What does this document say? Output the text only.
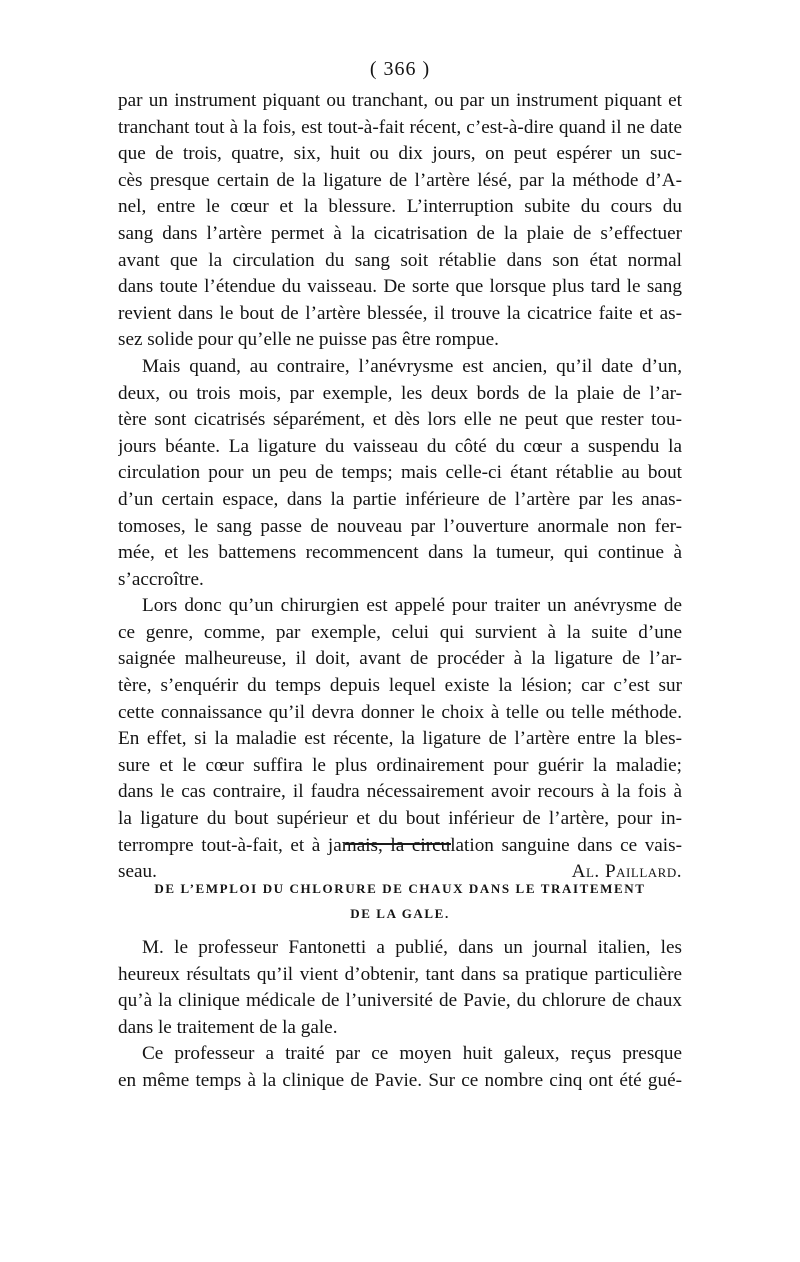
( 366 )
par un instrument piquant ou tranchant, ou par un instrument piquant et
tranchant tout à la fois, est tout-à-fait récent, c’est-à-dire quand il ne date
que de trois, quatre, six, huit ou dix jours, on peut espérer un suc-
cès presque certain de la ligature de l’artère lésé, par la méthode d’A-
nel, entre le cœur et la blessure. L’interruption subite du cours du
sang dans l’artère permet à la cicatrisation de la plaie de s’effectuer
avant que la circulation du sang soit rétablie dans son état normal
dans toute l’étendue du vaisseau. De sorte que lorsque plus tard le sang
revient dans le bout de l’artère blessée, il trouve la cicatrice faite et as-
sez solide pour qu’elle ne puisse pas être rompue.
Mais quand, au contraire, l’anévrysme est ancien, qu’il date d’un,
deux, ou trois mois, par exemple, les deux bords de la plaie de l’ar-
tère sont cicatrisés séparément, et dès lors elle ne peut que rester tou-
jours béante. La ligature du vaisseau du côté du cœur a suspendu la
circulation pour un peu de temps; mais celle-ci étant rétablie au bout
d’un certain espace, dans la partie inférieure de l’artère par les anas-
tomoses, le sang passe de nouveau par l’ouverture anormale non fer-
mée, et les battemens recommencent dans la tumeur, qui continue à
s’accroître.
Lors donc qu’un chirurgien est appelé pour traiter un anévrysme de
ce genre, comme, par exemple, celui qui survient à la suite d’une
saignée malheureuse, il doit, avant de procéder à la ligature de l’ar-
tère, s’enquérir du temps depuis lequel existe la lésion; car c’est sur
cette connaissance qu’il devra donner le choix à telle ou telle méthode.
En effet, si la maladie est récente, la ligature de l’artère entre la bles-
sure et le cœur suffira le plus ordinairement pour guérir la maladie;
dans le cas contraire, il faudra nécessairement avoir recours à la fois à
la ligature du bout supérieur et du bout inférieur de l’artère, pour in-
terrompre tout-à-fait, et à jamais, la circulation sanguine dans ce vais-
seau.	Al. Paillard.
DE L’EMPLOI DU CHLORURE DE CHAUX DANS LE TRAITEMENT
DE LA GALE.
M. le professeur Fantonetti a publié, dans un journal italien, les
heureux résultats qu’il vient d’obtenir, tant dans sa pratique particulière
qu’à la clinique médicale de l’université de Pavie, du chlorure de chaux
dans le traitement de la gale.
Ce professeur a traité par ce moyen huit galeux, reçus presque
en même temps à la clinique de Pavie. Sur ce nombre cinq ont été gué-
